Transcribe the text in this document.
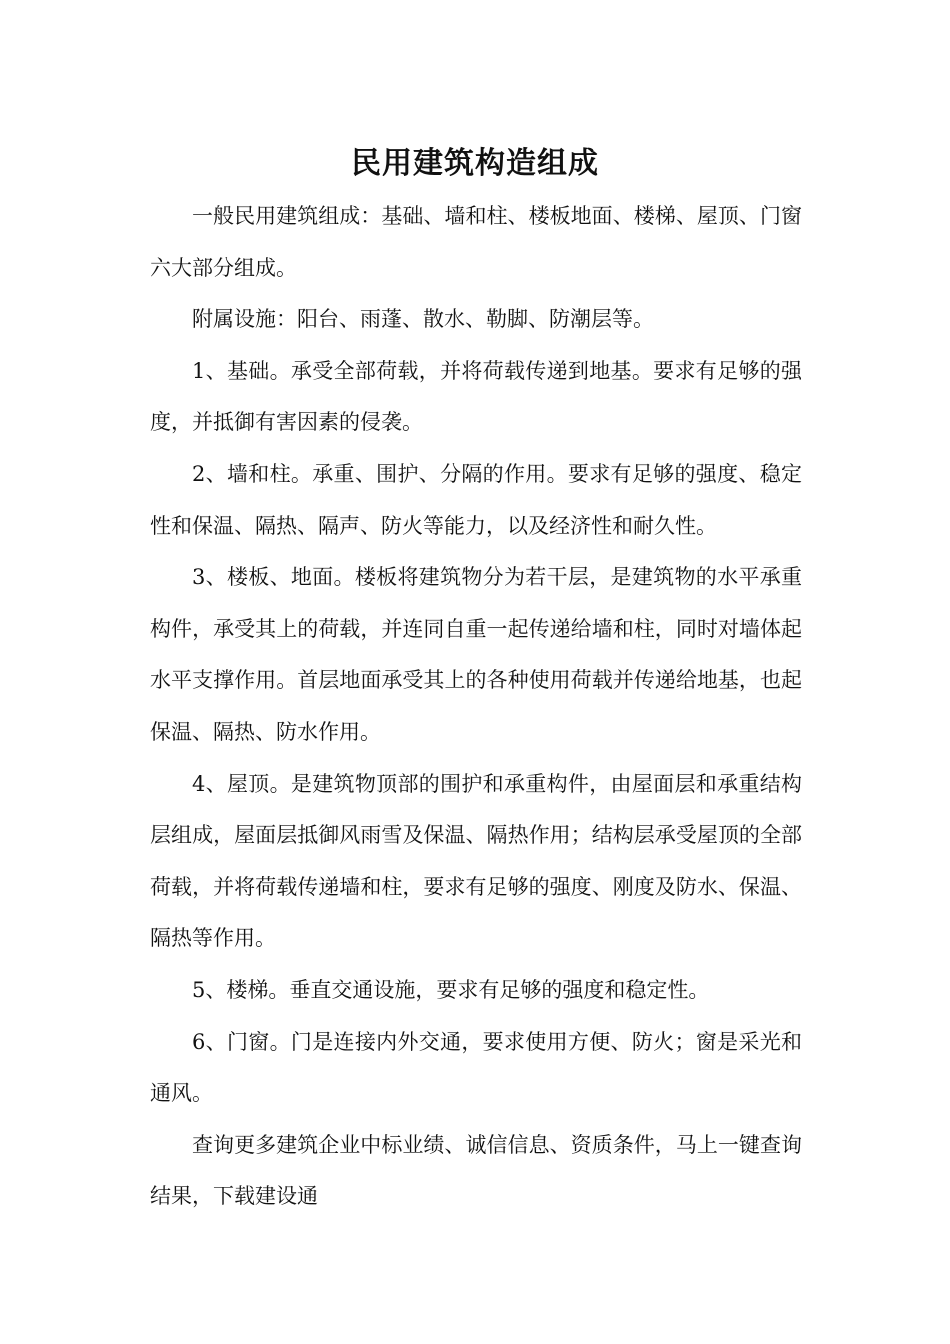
民用建筑构造组成

一般民用建筑组成：基础、墙和柱、楼板地面、楼梯、屋顶、门窗六大部分组成。

附属设施：阳台、雨蓬、散水、勒脚、防潮层等。

1、基础。承受全部荷载，并将荷载传递到地基。要求有足够的强度，并抵御有害因素的侵袭。

2、墙和柱。承重、围护、分隔的作用。要求有足够的强度、稳定性和保温、隔热、隔声、防火等能力，以及经济性和耐久性。

3、楼板、地面。楼板将建筑物分为若干层，是建筑物的水平承重构件，承受其上的荷载，并连同自重一起传递给墙和柱，同时对墙体起水平支撑作用。首层地面承受其上的各种使用荷载并传递给地基，也起保温、隔热、防水作用。

4、屋顶。是建筑物顶部的围护和承重构件，由屋面层和承重结构层组成，屋面层抵御风雨雪及保温、隔热作用；结构层承受屋顶的全部荷载，并将荷载传递墙和柱，要求有足够的强度、刚度及防水、保温、隔热等作用。

5、楼梯。垂直交通设施，要求有足够的强度和稳定性。

6、门窗。门是连接内外交通，要求使用方便、防火；窗是采光和通风。

查询更多建筑企业中标业绩、诚信信息、资质条件，马上一键查询结果，下载建设通
